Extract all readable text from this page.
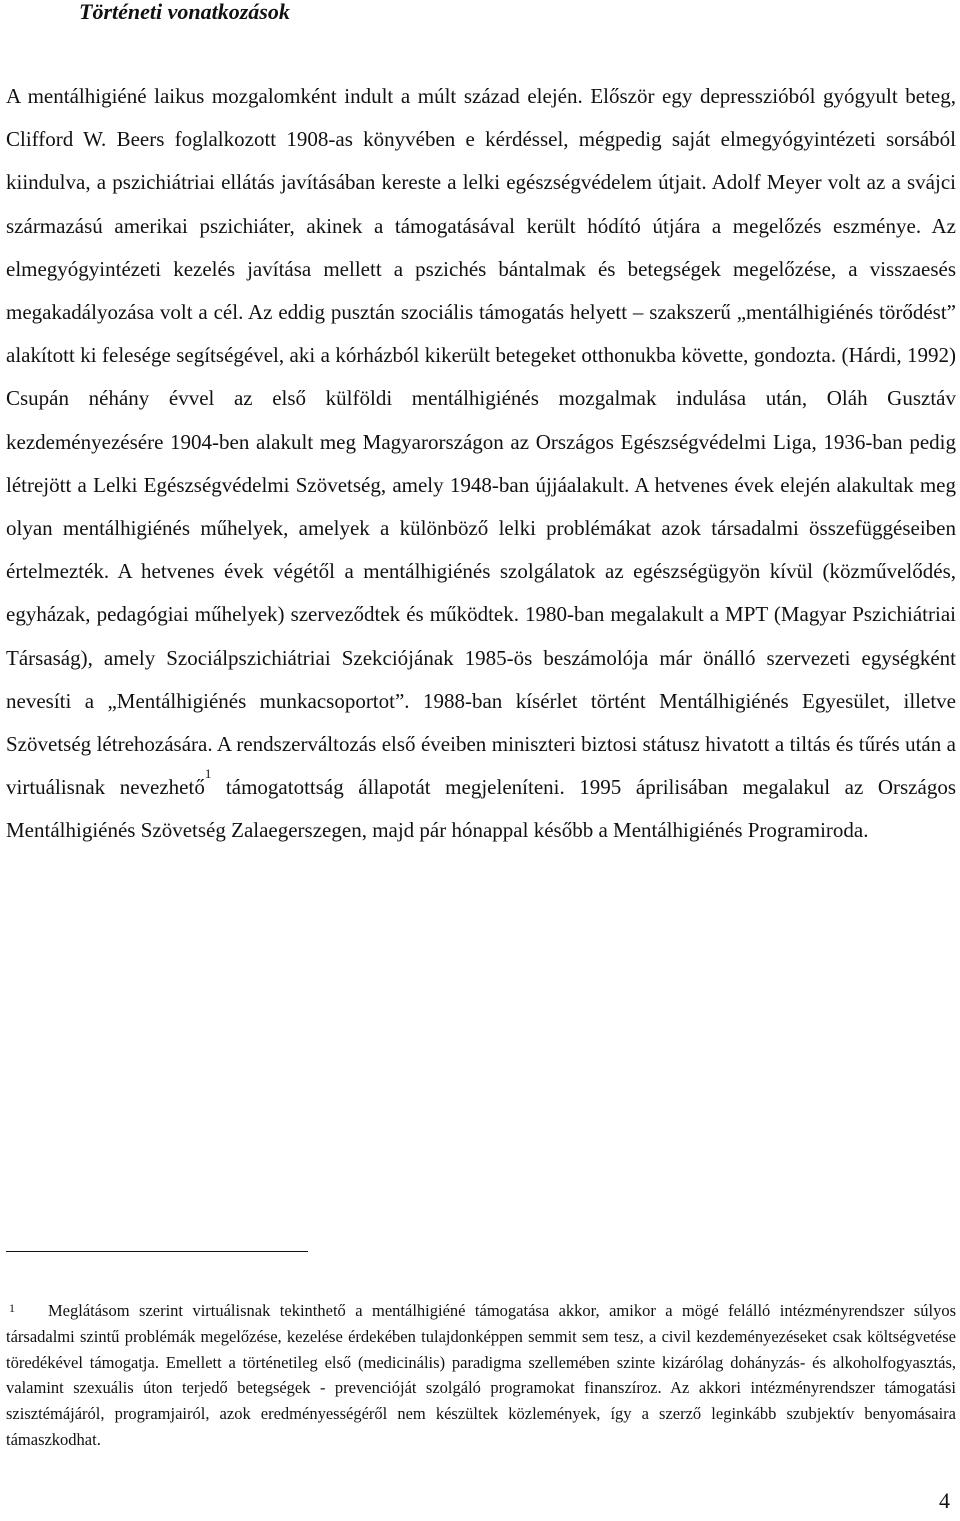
Történeti vonatkozások

A mentálhigiéné laikus mozgalomként indult a múlt század elején. Először egy depresszióból gyógyult beteg, Clifford W. Beers foglalkozott 1908-as könyvében e kérdéssel, mégpedig saját elmegyógyintézeti sorsából kiindulva, a pszichiátriai ellátás javításában kereste a lelki egészségvédelem útjait. Adolf Meyer volt az a svájci származású amerikai pszichiáter, akinek a támogatásával került hódító útjára a megelőzés eszménye. Az elmegyógyintézeti kezelés javítása mellett a pszichés bántalmak és betegségek megelőzése, a visszaesés megakadályozása volt a cél. Az eddig pusztán szociális támogatás helyett – szakszerű „mentálhigiénés törődést” alakított ki felesége segítségével, aki a kórházból kikerült betegeket otthonukba követte, gondozta. (Hárdi, 1992) Csupán néhány évvel az első külföldi mentálhigiénés mozgalmak indulása után, Oláh Gusztáv kezdeményezésére 1904-ben alakult meg Magyarországon az Országos Egészségvédelmi Liga, 1936-ban pedig létrejött a Lelki Egészségvédelmi Szövetség, amely 1948-ban újjáalakult. A hetvenes évek elején alakultak meg olyan mentálhigiénés műhelyek, amelyek a különböző lelki problémákat azok társadalmi összefüggéseiben értelmezték. A hetvenes évek végétől a mentálhigiénés szolgálatok az egészségügyön kívül (közművelődés, egyházak, pedagógiai műhelyek) szerveződtek és működtek. 1980-ban megalakult a MPT (Magyar Pszichiátriai Társaság), amely Szociálpszichiátriai Szekciójának 1985-ös beszámolója már önálló szervezeti egységként nevesíti a „Mentálhigiénés munkacsoportot”. 1988-ban kísérlet történt Mentálhigiénés Egyesület, illetve Szövetség létrehozására. A rendszerváltozás első éveiben miniszteri biztosi státusz hivatott a tiltás és tűrés után a virtuálisnak nevezhető$^1$ támogatottság állapotát megjeleníteni. 1995 áprilisában megalakul az Országos Mentálhigiénés Szövetség Zalaegerszegen, majd pár hónappal később a Mentálhigiénés Programiroda.

1 Meglátásom szerint virtuálisnak tekinthető a mentálhigiéné támogatása akkor, amikor a mögé felálló intézményrendszer súlyos társadalmi szintű problémák megelőzése, kezelése érdekében tulajdonképpen semmit sem tesz, a civil kezdeményezéseket csak költségvetése töredékével támogatja. Emellett a történetileg első (medicinális) paradigma szellemében szinte kizárólag dohányzás- és alkoholfogyasztás, valamint szexuális úton terjedő betegségek - prevencióját szolgáló programokat finanszíroz. Az akkori intézményrendszer támogatási szisztémájáról, programjairól, azok eredményességéről nem készültek közlemények, így a szerző leginkább szubjektív benyomásaira támaszkodhat.

4
